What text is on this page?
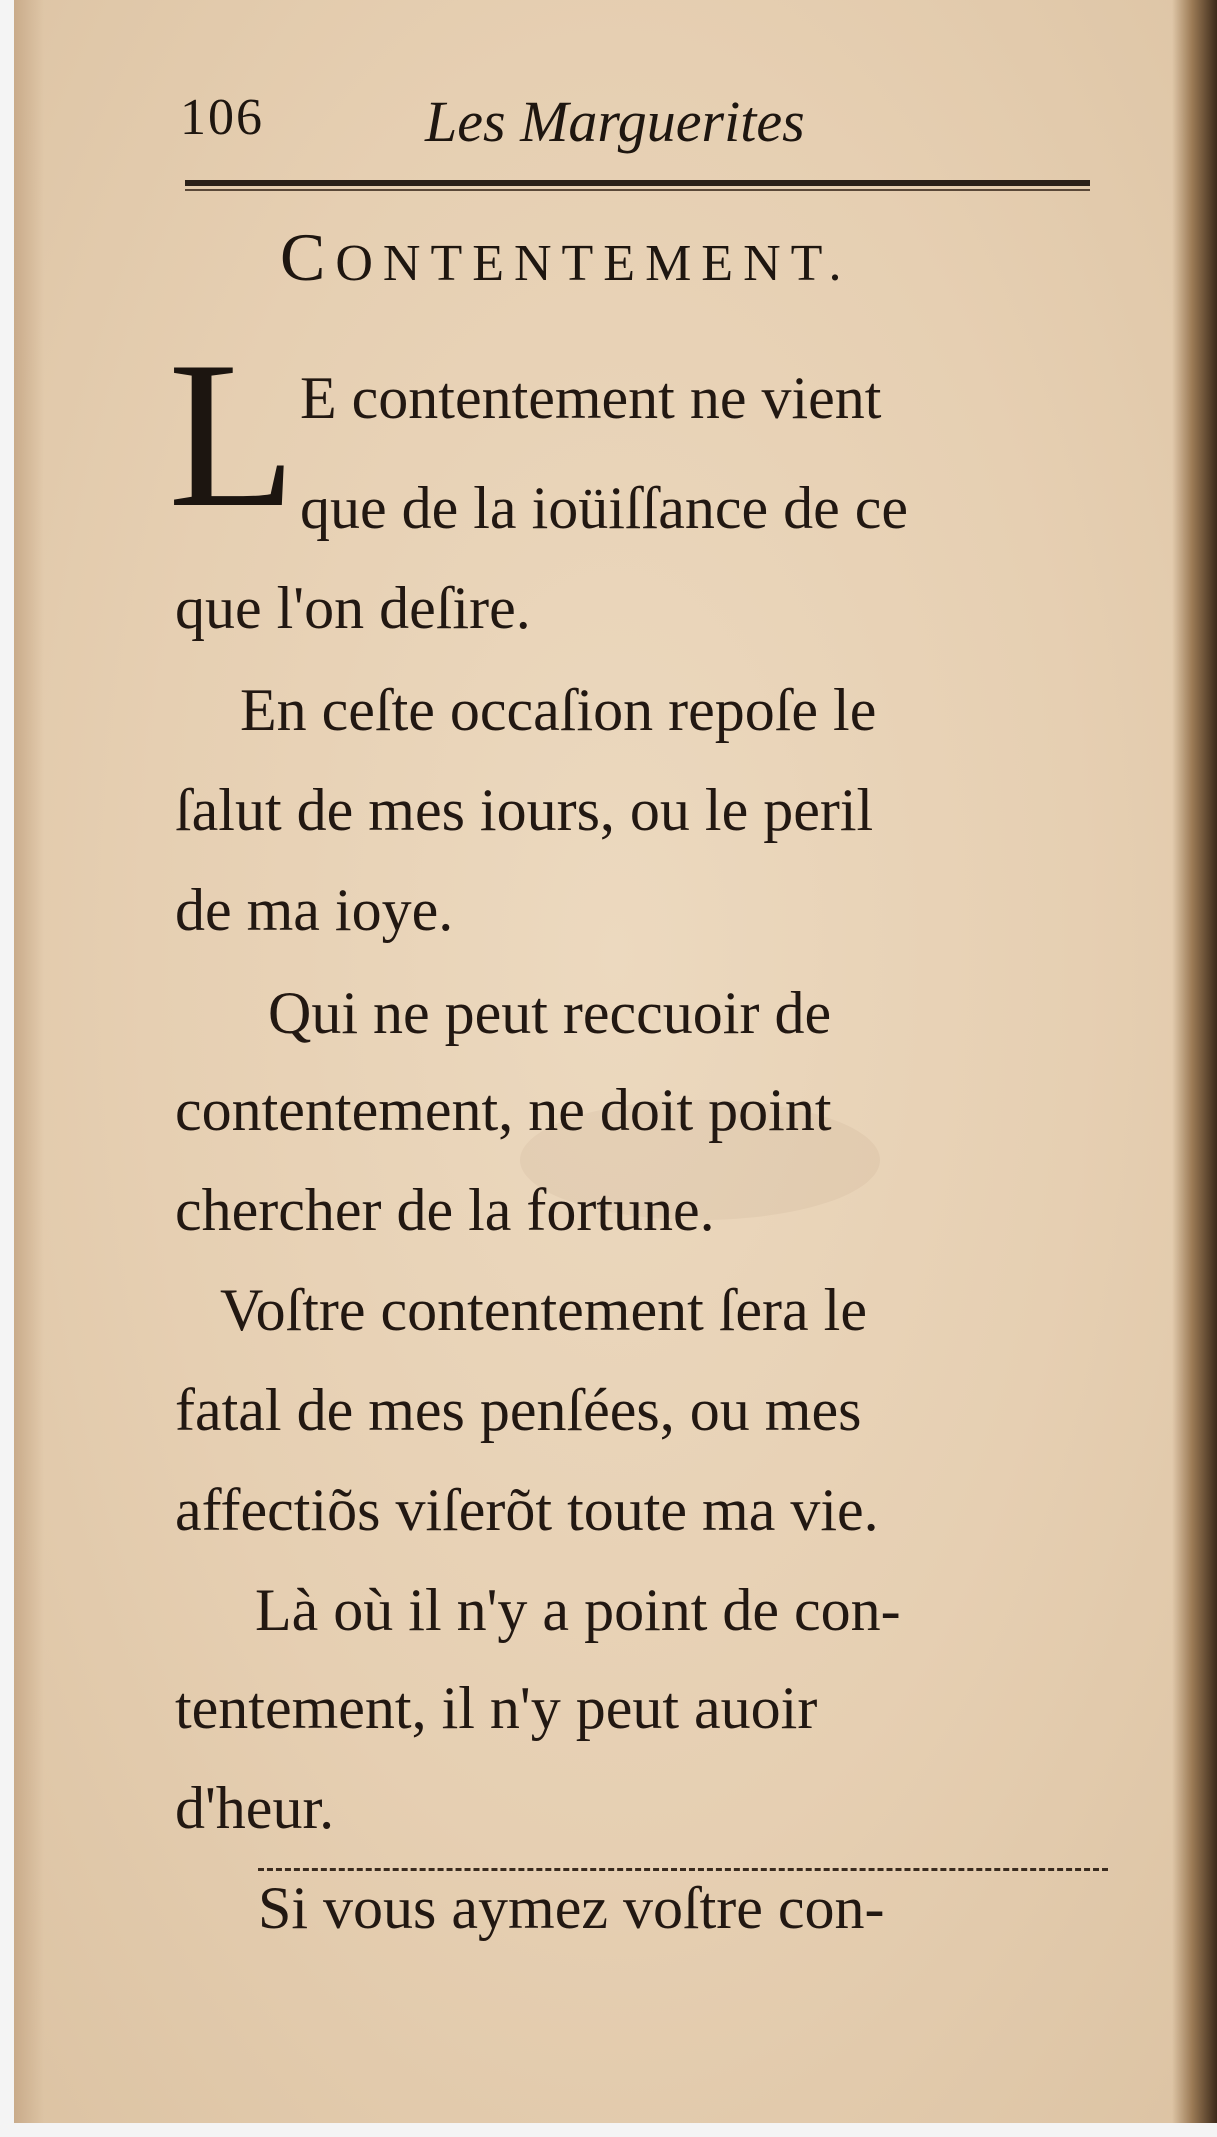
106	Les Marguerites
CONTENTEMENT.
L E contentement ne vient
que de la ioüiſſance de ce
que l'on deſire.
En ceſte occaſion repoſe le
ſalut de mes iours, ou le peril
de ma ioye.
Qui ne peut reccuoir de
contentement, ne doit point
chercher de la fortune.
Voſtre contentement ſera le
fatal de mes penſées, ou mes
affectiõs viſerõt toute ma vie.
Là où il n'y a point de con-
tentement, il n'y peut auoir
d'heur.
Si vous aymez voſtre con-
